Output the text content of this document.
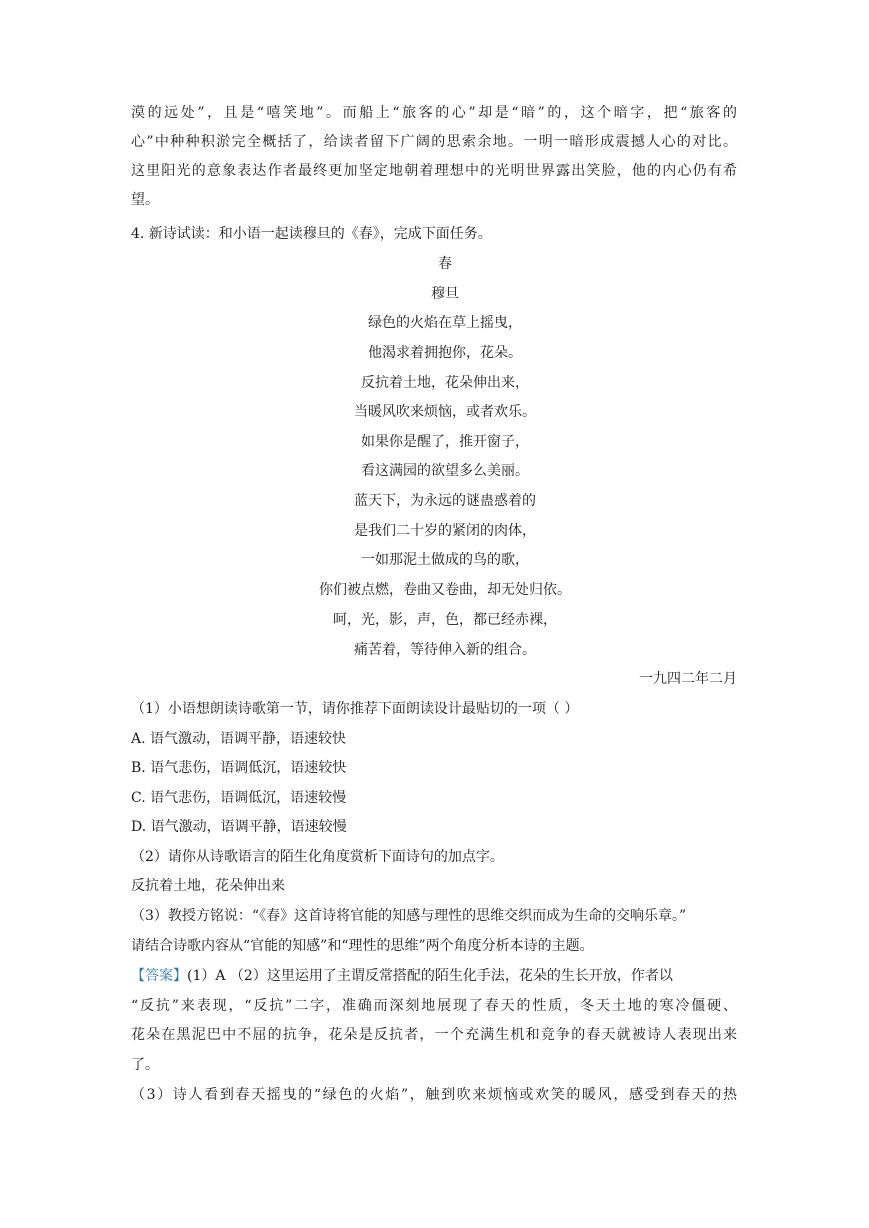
漠的远处”，且是“嘻笑地”。而船上“旅客的心”却是“暗”的，这个暗字，把“旅客的
心”中种种积淤完全概括了，给读者留下广阔的思索余地。一明一暗形成震撼人心的对比。
这里阳光的意象表达作者最终更加坚定地朝着理想中的光明世界露出笑脸，他的内心仍有希
望。
4. 新诗试读：和小语一起读穆旦的《春》，完成下面任务。
春
穆旦
绿色的火焰在草上摇曳，
他渴求着拥抱你，花朵。
反抗着土地，花朵伸出来，
当暖风吹来烦恼，或者欢乐。
如果你是醒了，推开窗子，
看这满园的欲望多么美丽。
蓝天下，为永远的谜蛊惑着的
是我们二十岁的紧闭的肉体，
一如那泥土做成的鸟的歌，
你们被点燃，卷曲又卷曲，却无处归依。
呵，光，影，声，色，都已经赤裸，
痛苦着，等待伸入新的组合。
一九四二年二月
（1）小语想朗读诗歌第一节，请你推荐下面朗读设计最贴切的一项（ ）
A. 语气激动，语调平静，语速较快
B. 语气悲伤，语调低沉，语速较快
C. 语气悲伤，语调低沉，语速较慢
D. 语气激动，语调平静，语速较慢
（2）请你从诗歌语言的陌生化角度赏析下面诗句的加点字。
反抗着土地，花朵伸出来
（3）教授方铭说：“《春》这首诗将官能的知感与理性的思维交织而成为生命的交响乐章。”
请结合诗歌内容从“官能的知感”和“理性的思维”两个角度分析本诗的主题。
【答案】(1）A （2）这里运用了主谓反常搭配的陌生化手法，花朵的生长开放，作者以
“反抗”来表现，“反抗”二字，准确而深刻地展现了春天的性质，冬天土地的寒冷僵硬、
花朵在黑泥巴中不屈的抗争，花朵是反抗者，一个充满生机和竞争的春天就被诗人表现出来
了。
（3）诗人看到春天摇曳的“绿色的火焰”，触到吹来烦恼或欢笑的暖风，感受到春天的热
